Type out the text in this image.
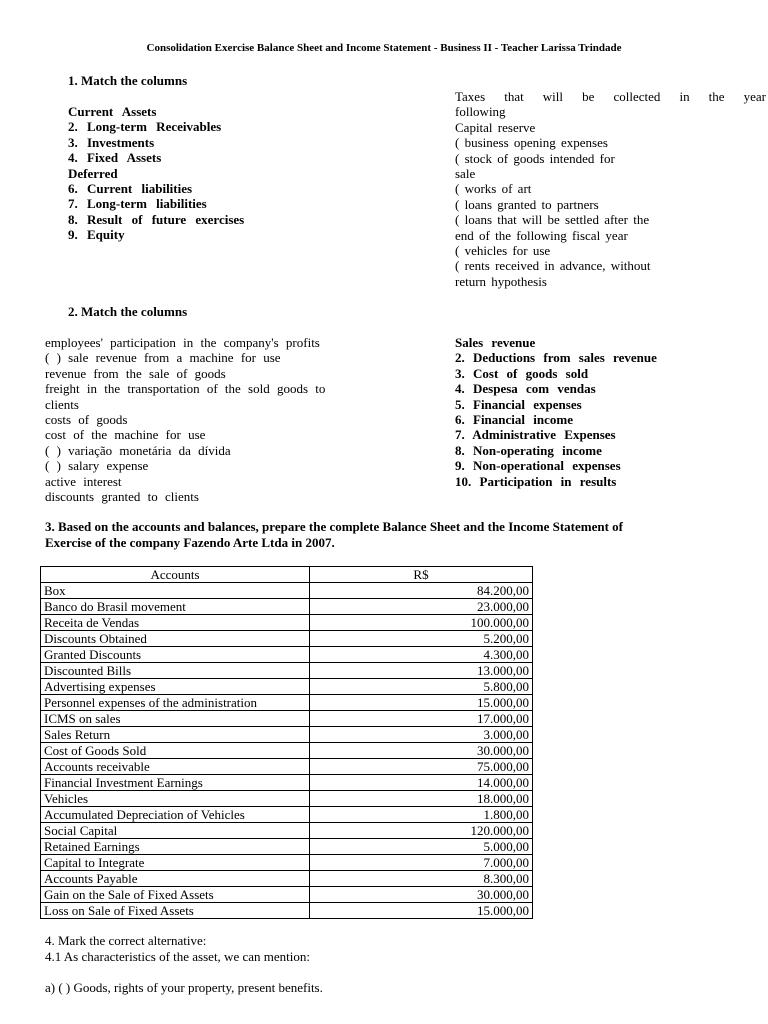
Consolidation Exercise Balance Sheet and Income Statement - Business II - Teacher Larissa Trindade
1. Match the columns
Current Assets
2. Long-term Receivables
3. Investments
4. Fixed Assets
Deferred
6. Current liabilities
7. Long-term liabilities
8. Result of future exercises
9. Equity
Taxes that will be collected in the year
following
Capital reserve
( business opening expenses
( stock of goods intended for
sale
( works of art
( loans granted to partners
( loans that will be settled after the
end of the following fiscal year
( vehicles for use
( rents received in advance, without
return hypothesis
2. Match the columns
employees' participation in the company's profits
( ) sale revenue from a machine for use
revenue from the sale of goods
freight in the transportation of the sold goods to
clients
costs of goods
cost of the machine for use
( ) variação monetária da dívida
( ) salary expense
active interest
discounts granted to clients
Sales revenue
2. Deductions from sales revenue
3. Cost of goods sold
4. Despesa com vendas
5. Financial expenses
6. Financial income
7. Administrative Expenses
8. Non-operating income
9. Non-operational expenses
10. Participation in results
3. Based on the accounts and balances, prepare the complete Balance Sheet and the Income Statement of
Exercise of the company Fazendo Arte Ltda in 2007.
Accounts	R$
Box	84.200,00
Banco do Brasil movement	23.000,00
Receita de Vendas	100.000,00
Discounts Obtained	5.200,00
Granted Discounts	4.300,00
Discounted Bills	13.000,00
Advertising expenses	5.800,00
Personnel expenses of the administration	15.000,00
ICMS on sales	17.000,00
Sales Return	3.000,00
Cost of Goods Sold	30.000,00
Accounts receivable	75.000,00
Financial Investment Earnings	14.000,00
Vehicles	18.000,00
Accumulated Depreciation of Vehicles	1.800,00
Social Capital	120.000,00
Retained Earnings	5.000,00
Capital to Integrate	7.000,00
Accounts Payable	8.300,00
Gain on the Sale of Fixed Assets	30.000,00
Loss on Sale of Fixed Assets	15.000,00
4. Mark the correct alternative:
4.1 As characteristics of the asset, we can mention:
a) ( ) Goods, rights of your property, present benefits.
